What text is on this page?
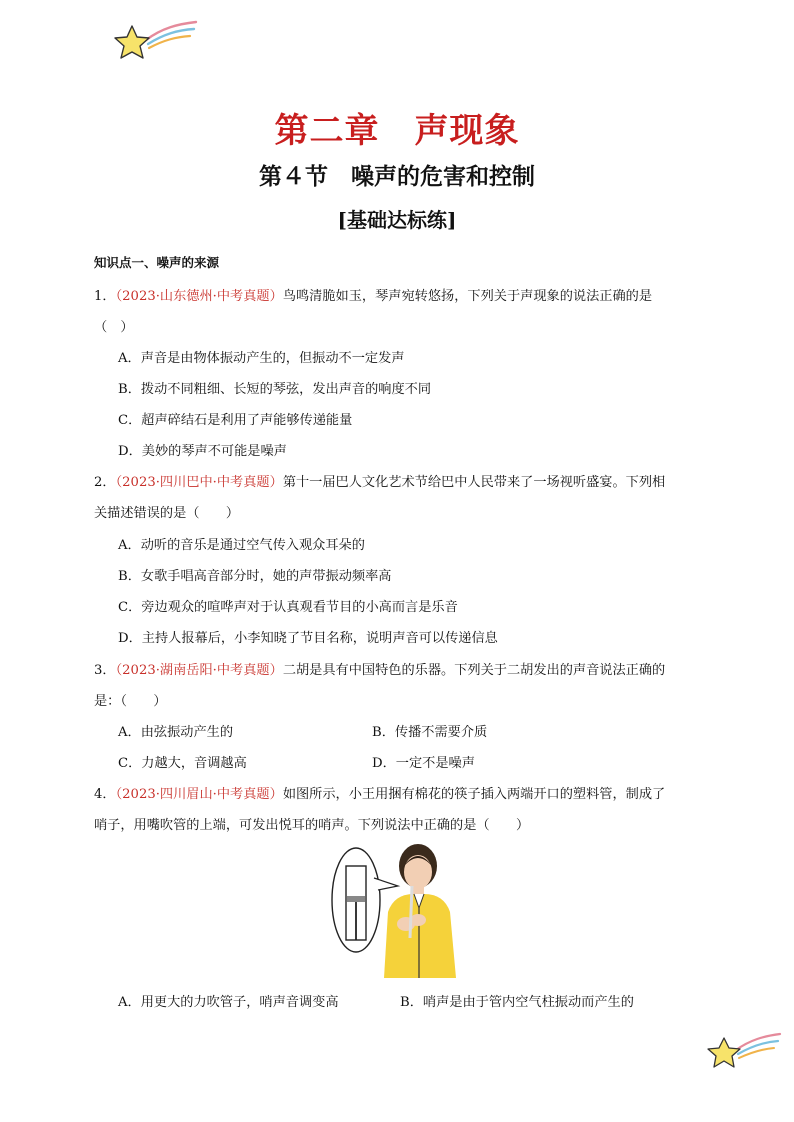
第二章　声现象
第４节　噪声的危害和控制
[基础达标练]
知识点一、噪声的来源
1．（2023·山东德州·中考真题）鸟鸣清脆如玉，琴声宛转悠扬，下列关于声现象的说法正确的是
（　）
A．声音是由物体振动产生的，但振动不一定发声
B．拨动不同粗细、长短的琴弦，发出声音的响度不同
C．超声碎结石是利用了声能够传递能量
D．美妙的琴声不可能是噪声
2．（2023·四川巴中·中考真题）第十一届巴人文化艺术节给巴中人民带来了一场视听盛宴。下列相
关描述错误的是（　　）
A．动听的音乐是通过空气传入观众耳朵的
B．女歌手唱高音部分时，她的声带振动频率高
C．旁边观众的喧哗声对于认真观看节目的小高而言是乐音
D．主持人报幕后，小李知晓了节目名称，说明声音可以传递信息
3．（2023·湖南岳阳·中考真题）二胡是具有中国特色的乐器。下列关于二胡发出的声音说法正确的
是：（　　）
A．由弦振动产生的	B．传播不需要介质
C．力越大，音调越高	D．一定不是噪声
4．（2023·四川眉山·中考真题）如图所示，小王用捆有棉花的筷子插入两端开口的塑料管，制成了
哨子，用嘴吹管的上端，可发出悦耳的哨声。下列说法中正确的是（　　）
A．用更大的力吹管子，哨声音调变高	B．哨声是由于管内空气柱振动而产生的
